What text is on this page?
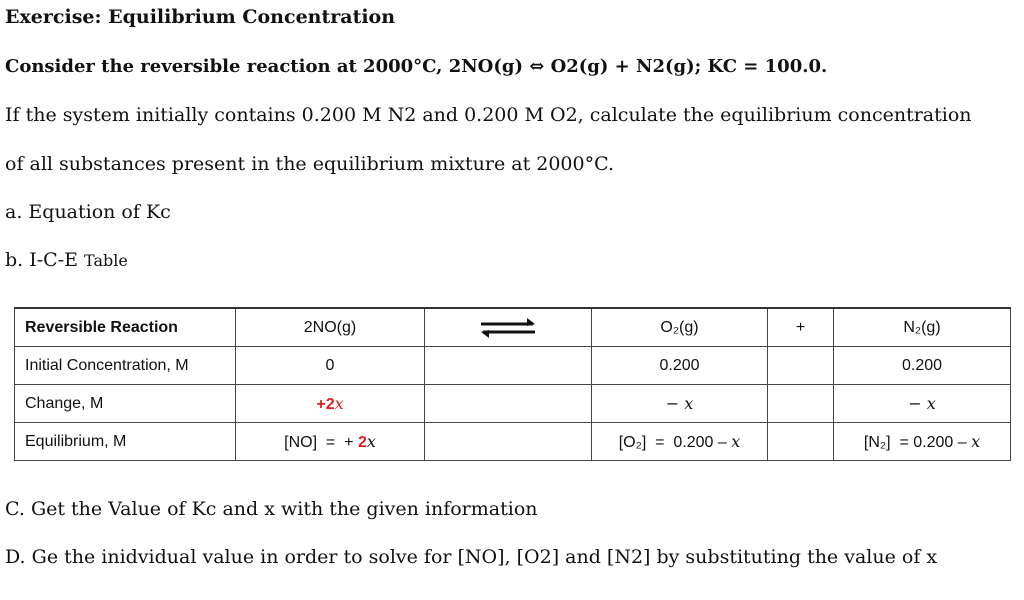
Exercise: Equilibrium Concentration
Consider the reversible reaction at 2000°C, 2NO(g) ⇔ O2(g) + N2(g); KC = 100.0.
If the system initially contains 0.200 M N2 and 0.200 M O2, calculate the equilibrium concentration
of all substances present in the equilibrium mixture at 2000°C.
a. Equation of Kc
b. I-C-E Table
Reversible Reaction	2NO(g)		O₂(g)	+	N₂(g)
Initial Concentration, M	0		0.200		0.200
Change, M	+2x		− x		− x
Equilibrium, M	[NO]  =  + 2x		[O₂]  =  0.200 – x		[N₂]  = 0.200 – x
C. Get the Value of Kc and x with the given information
D. Ge the inidvidual value in order to solve for [NO], [O2] and [N2] by substituting the value of x
